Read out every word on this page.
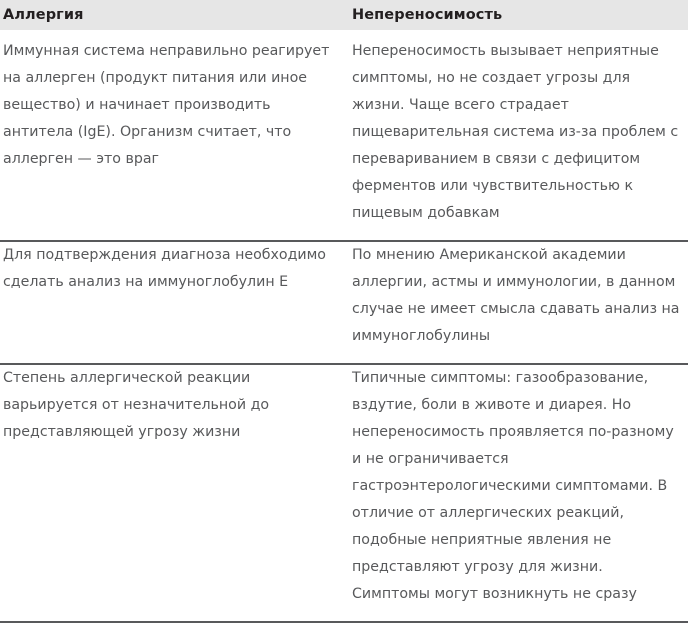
Аллергия	Непереносимость

Иммунная система неправильно реагирует на аллерген (продукт питания или иное вещество) и начинает производить антитела (IgE). Организм считает, что аллерген — это враг	Непереносимость вызывает неприятные симптомы, но не создает угрозы для жизни. Чаще всего страдает пищеварительная система из-за проблем с перевариванием в связи с дефицитом ферментов или чувствительностью к пищевым добавкам

Для подтверждения диагноза необходимо сделать анализ на иммуноглобулин E	По мнению Американской академии аллергии, астмы и иммунологии, в данном случае не имеет смысла сдавать анализ на иммуноглобулины

Степень аллергической реакции варьируется от незначительной до представляющей угрозу жизни	Типичные симптомы: газообразование, вздутие, боли в животе и диарея. Но непереносимость проявляется по-разному и не ограничивается гастроэнтерологическими симптомами. В отличие от аллергических реакций, подобные неприятные явления не представляют угрозу для жизни. Симптомы могут возникнуть не сразу
